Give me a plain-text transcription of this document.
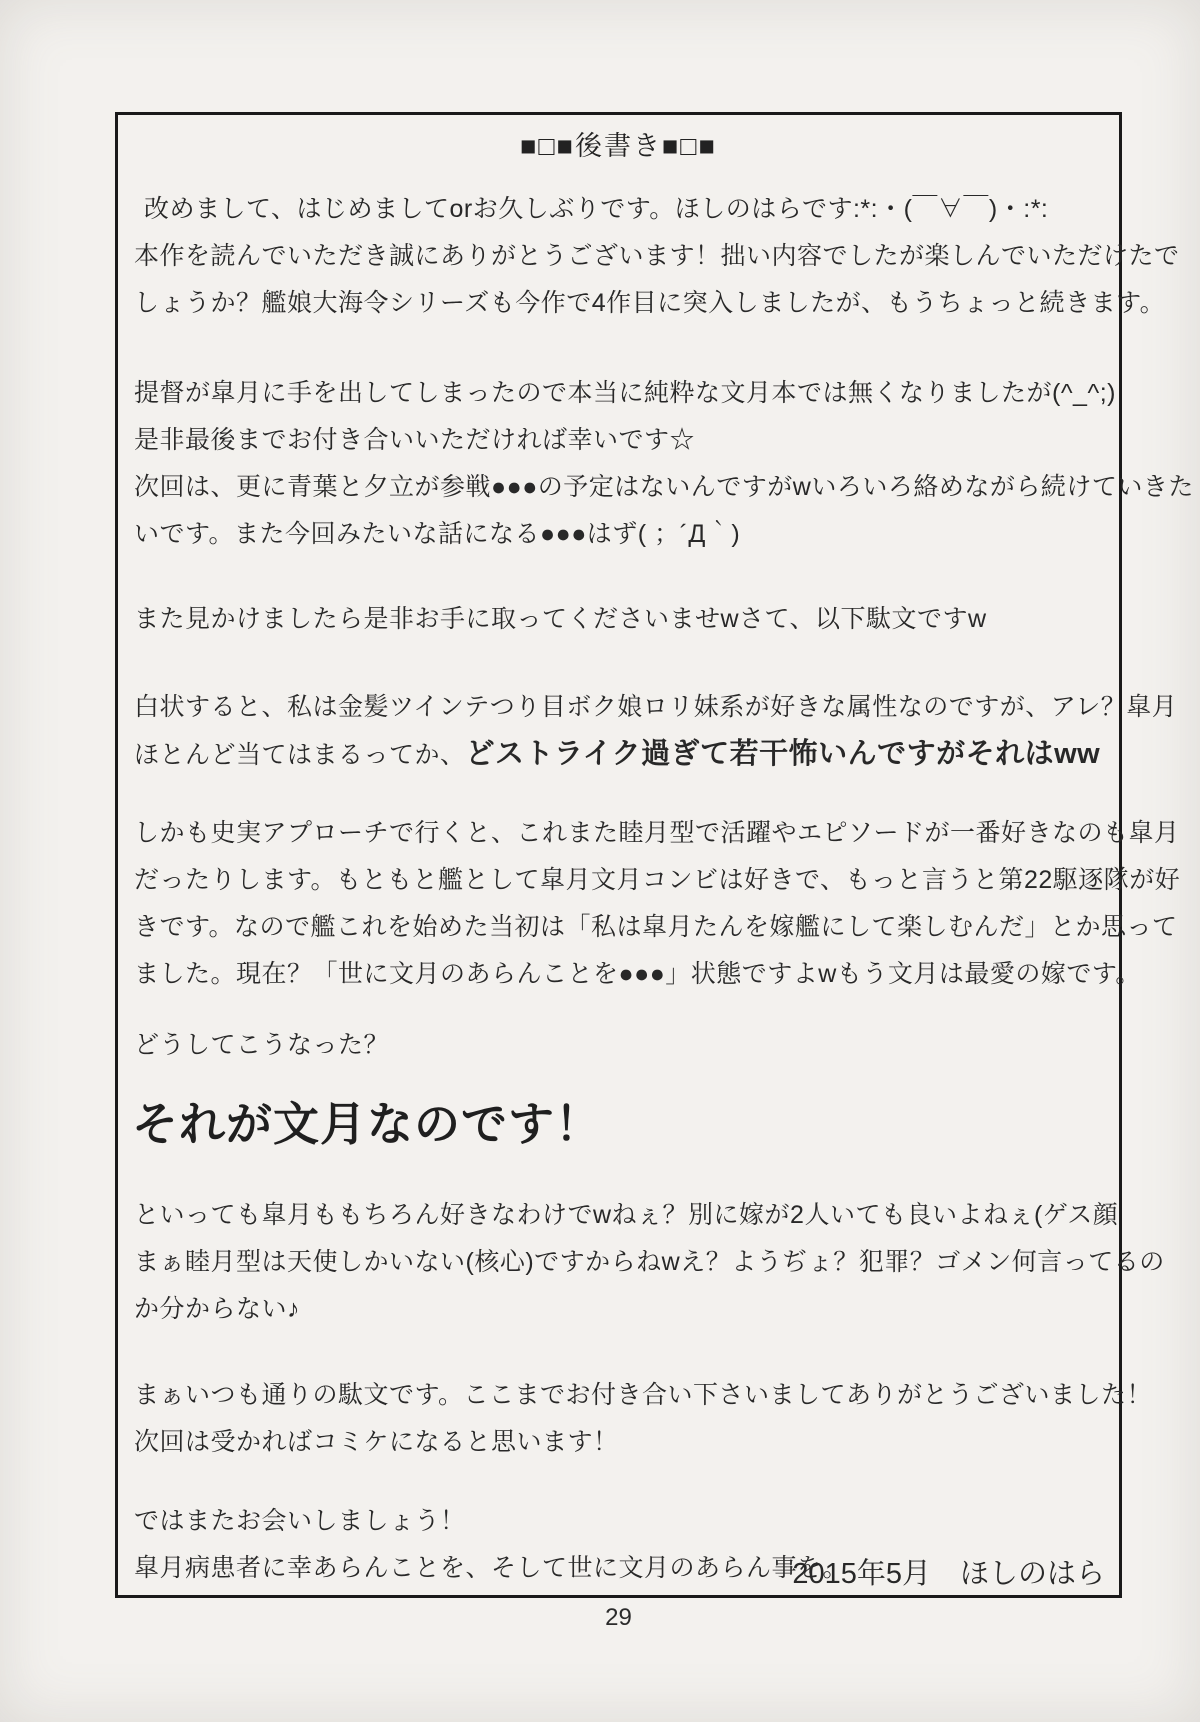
■□■後書き■□■
改めまして、はじめましてorお久しぶりです。ほしのはらです:*:・(￣∀￣)・:*:
本作を読んでいただき誠にありがとうございます！拙い内容でしたが楽しんでいただけたで
しょうか？艦娘大海令シリーズも今作で4作目に突入しましたが、もうちょっと続きます。
提督が皐月に手を出してしまったので本当に純粋な文月本では無くなりましたが(^_^;)
是非最後までお付き合いいただければ幸いです☆
次回は、更に青葉と夕立が参戦●●●の予定はないんですがwいろいろ絡めながら続けていきた
いです。また今回みたいな話になる●●●はず( ；´Д｀)
また見かけましたら是非お手に取ってくださいませwさて、以下駄文ですw
白状すると、私は金髪ツインテつり目ボク娘ロリ妹系が好きな属性なのですが、アレ？皐月
ほとんど当てはまるってか、どストライク過ぎて若干怖いんですがそれはww
しかも史実アプローチで行くと、これまた睦月型で活躍やエピソードが一番好きなのも皐月
だったりします。もともと艦として皐月文月コンビは好きで、もっと言うと第22駆逐隊が好
きです。なので艦これを始めた当初は「私は皐月たんを嫁艦にして楽しむんだ」とか思って
ました。現在？「世に文月のあらんことを●●●」状態ですよwもう文月は最愛の嫁です。
どうしてこうなった？
それが文月なのです！
といっても皐月ももちろん好きなわけでwねぇ？別に嫁が2人いても良いよねぇ(ゲス顔
まぁ睦月型は天使しかいない(核心)ですからねwえ？ようぢょ？犯罪？ゴメン何言ってるの
か分からない♪
まぁいつも通りの駄文です。ここまでお付き合い下さいましてありがとうございました！
次回は受かればコミケになると思います！
ではまたお会いしましょう！
皐月病患者に幸あらんことを、そして世に文月のあらん事を。
2015年5月　ほしのはら
29
